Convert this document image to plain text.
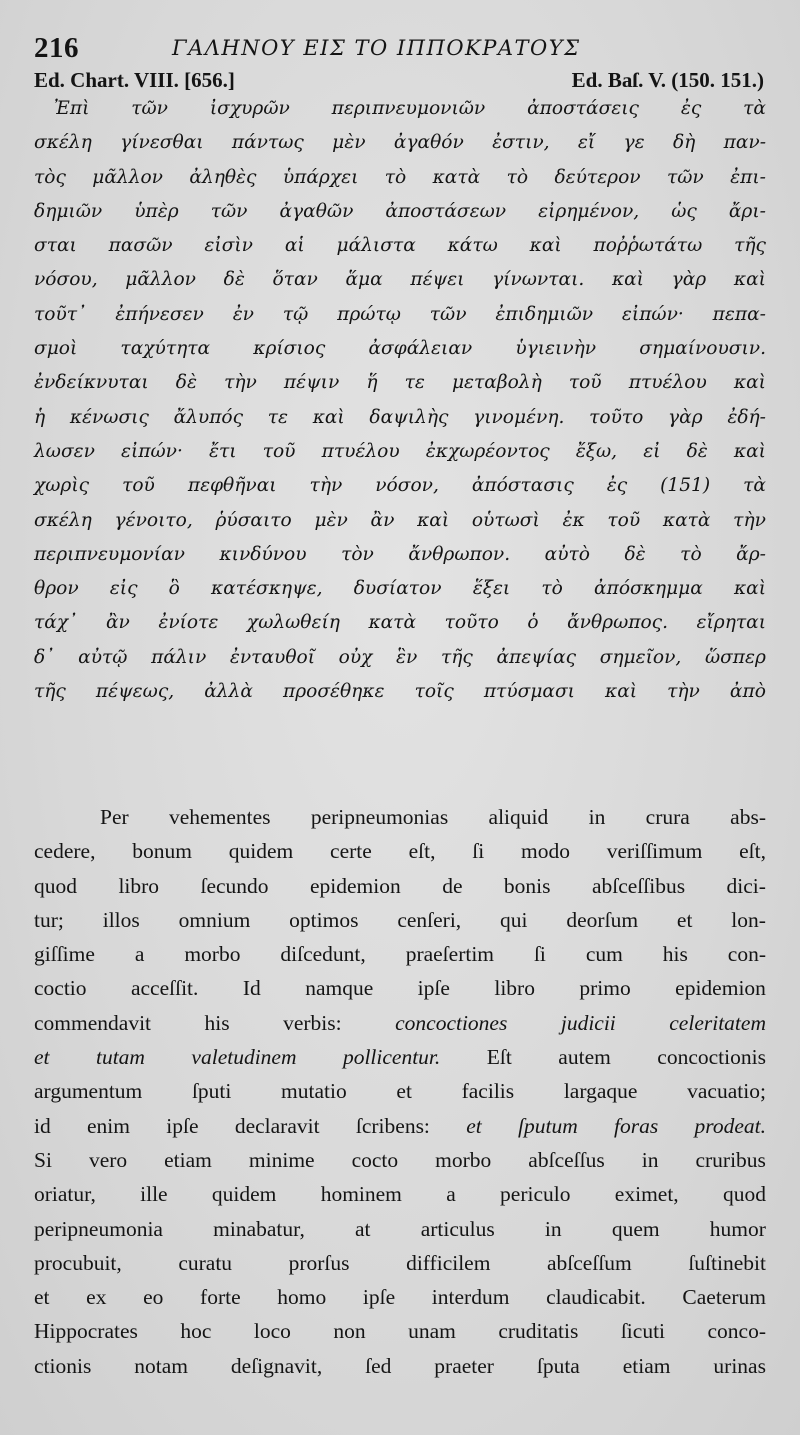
216	ΓΑΛΗΝΟΥ ΕΙΣ ΤΟ ΙΠΠΟΚΡΑΤΟΥΣ
Ed. Chart. VIII. [656.]	Ed. Baſ. V. (150. 151.)
Ἐπὶ τῶν ἰσχυρῶν περιπνευμονιῶν ἀποστάσεις ἐς τὰ
σκέλη γίνεσθαι πάντως μὲν ἀγαθόν ἐστιν, εἴ γε δὴ παν-
τὸς μᾶλλον ἀληθὲς ὑπάρχει τὸ κατὰ τὸ δεύτερον τῶν ἐπι-
δημιῶν ὑπὲρ τῶν ἀγαθῶν ἀποστάσεων εἰρημένον, ὡς ἄρι-
σται πασῶν εἰσὶν αἱ μάλιστα κάτω καὶ ποῤῥωτάτω τῆς
νόσου, μᾶλλον δὲ ὅταν ἅμα πέψει γίνωνται. καὶ γὰρ καὶ
τοῦτ᾽ ἐπήνεσεν ἐν τῷ πρώτῳ τῶν ἐπιδημιῶν εἰπών· πεπα-
σμοὶ ταχύτητα κρίσιος ἀσφάλειαν ὑγιεινὴν σημαίνουσιν.
ἐνδείκνυται δὲ τὴν πέψιν ἥ τε μεταβολὴ τοῦ πτυέλου καὶ
ἡ κένωσις ἄλυπός τε καὶ δαψιλὴς γινομένη. τοῦτο γὰρ ἐδή-
λωσεν εἰπών· ἔτι τοῦ πτυέλου ἐκχωρέοντος ἔξω, εἰ δὲ καὶ
χωρὶς τοῦ πεφθῆναι τὴν νόσον, ἀπόστασις ἐς (151) τὰ
σκέλη γένοιτο, ῥύσαιτο μὲν ἂν καὶ οὑτωσὶ ἐκ τοῦ κατὰ τὴν
περιπνευμονίαν κινδύνου τὸν ἄνθρωπον. αὐτὸ δὲ τὸ ἄρ-
θρον εἰς ὃ κατέσκηψε, δυσίατον ἕξει τὸ ἀπόσκημμα καὶ
τάχ᾽ ἂν ἐνίοτε χωλωθείη κατὰ τοῦτο ὁ ἄνθρωπος. εἴρηται
δ᾽ αὐτῷ πάλιν ἐνταυθοῖ οὐχ ἓν τῆς ἀπεψίας σημεῖον, ὥσπερ
τῆς πέψεως, ἀλλὰ προσέθηκε τοῖς πτύσμασι καὶ τὴν ἀπὸ
Per vehementes peripneumonias aliquid in crura abs-
cedere, bonum quidem certe eſt, ſi modo veriſſimum eſt,
quod libro ſecundo epidemion de bonis abſceſſibus dici-
tur; illos omnium optimos cenſeri, qui deorſum et lon-
giſſime a morbo diſcedunt, praeſertim ſi cum his con-
coctio acceſſit. Id namque ipſe libro primo epidemion
commendavit his verbis: concoctiones judicii celeritatem
et tutam valetudinem pollicentur. Eſt autem concoctionis
argumentum ſputi mutatio et facilis largaque vacuatio;
id enim ipſe declaravit ſcribens: et ſputum foras prodeat.
Si vero etiam minime cocto morbo abſceſſus in cruribus
oriatur, ille quidem hominem a periculo eximet, quod
peripneumonia minabatur, at articulus in quem humor
procubuit,	curatu	prorſus	difficilem	abſceſſum	ſuſtinebit
et ex eo forte homo ipſe interdum claudicabit. Caeterum
Hippocrates hoc loco non unam cruditatis ſicuti conco-
ctionis notam deſignavit, ſed praeter ſputa etiam urinas
